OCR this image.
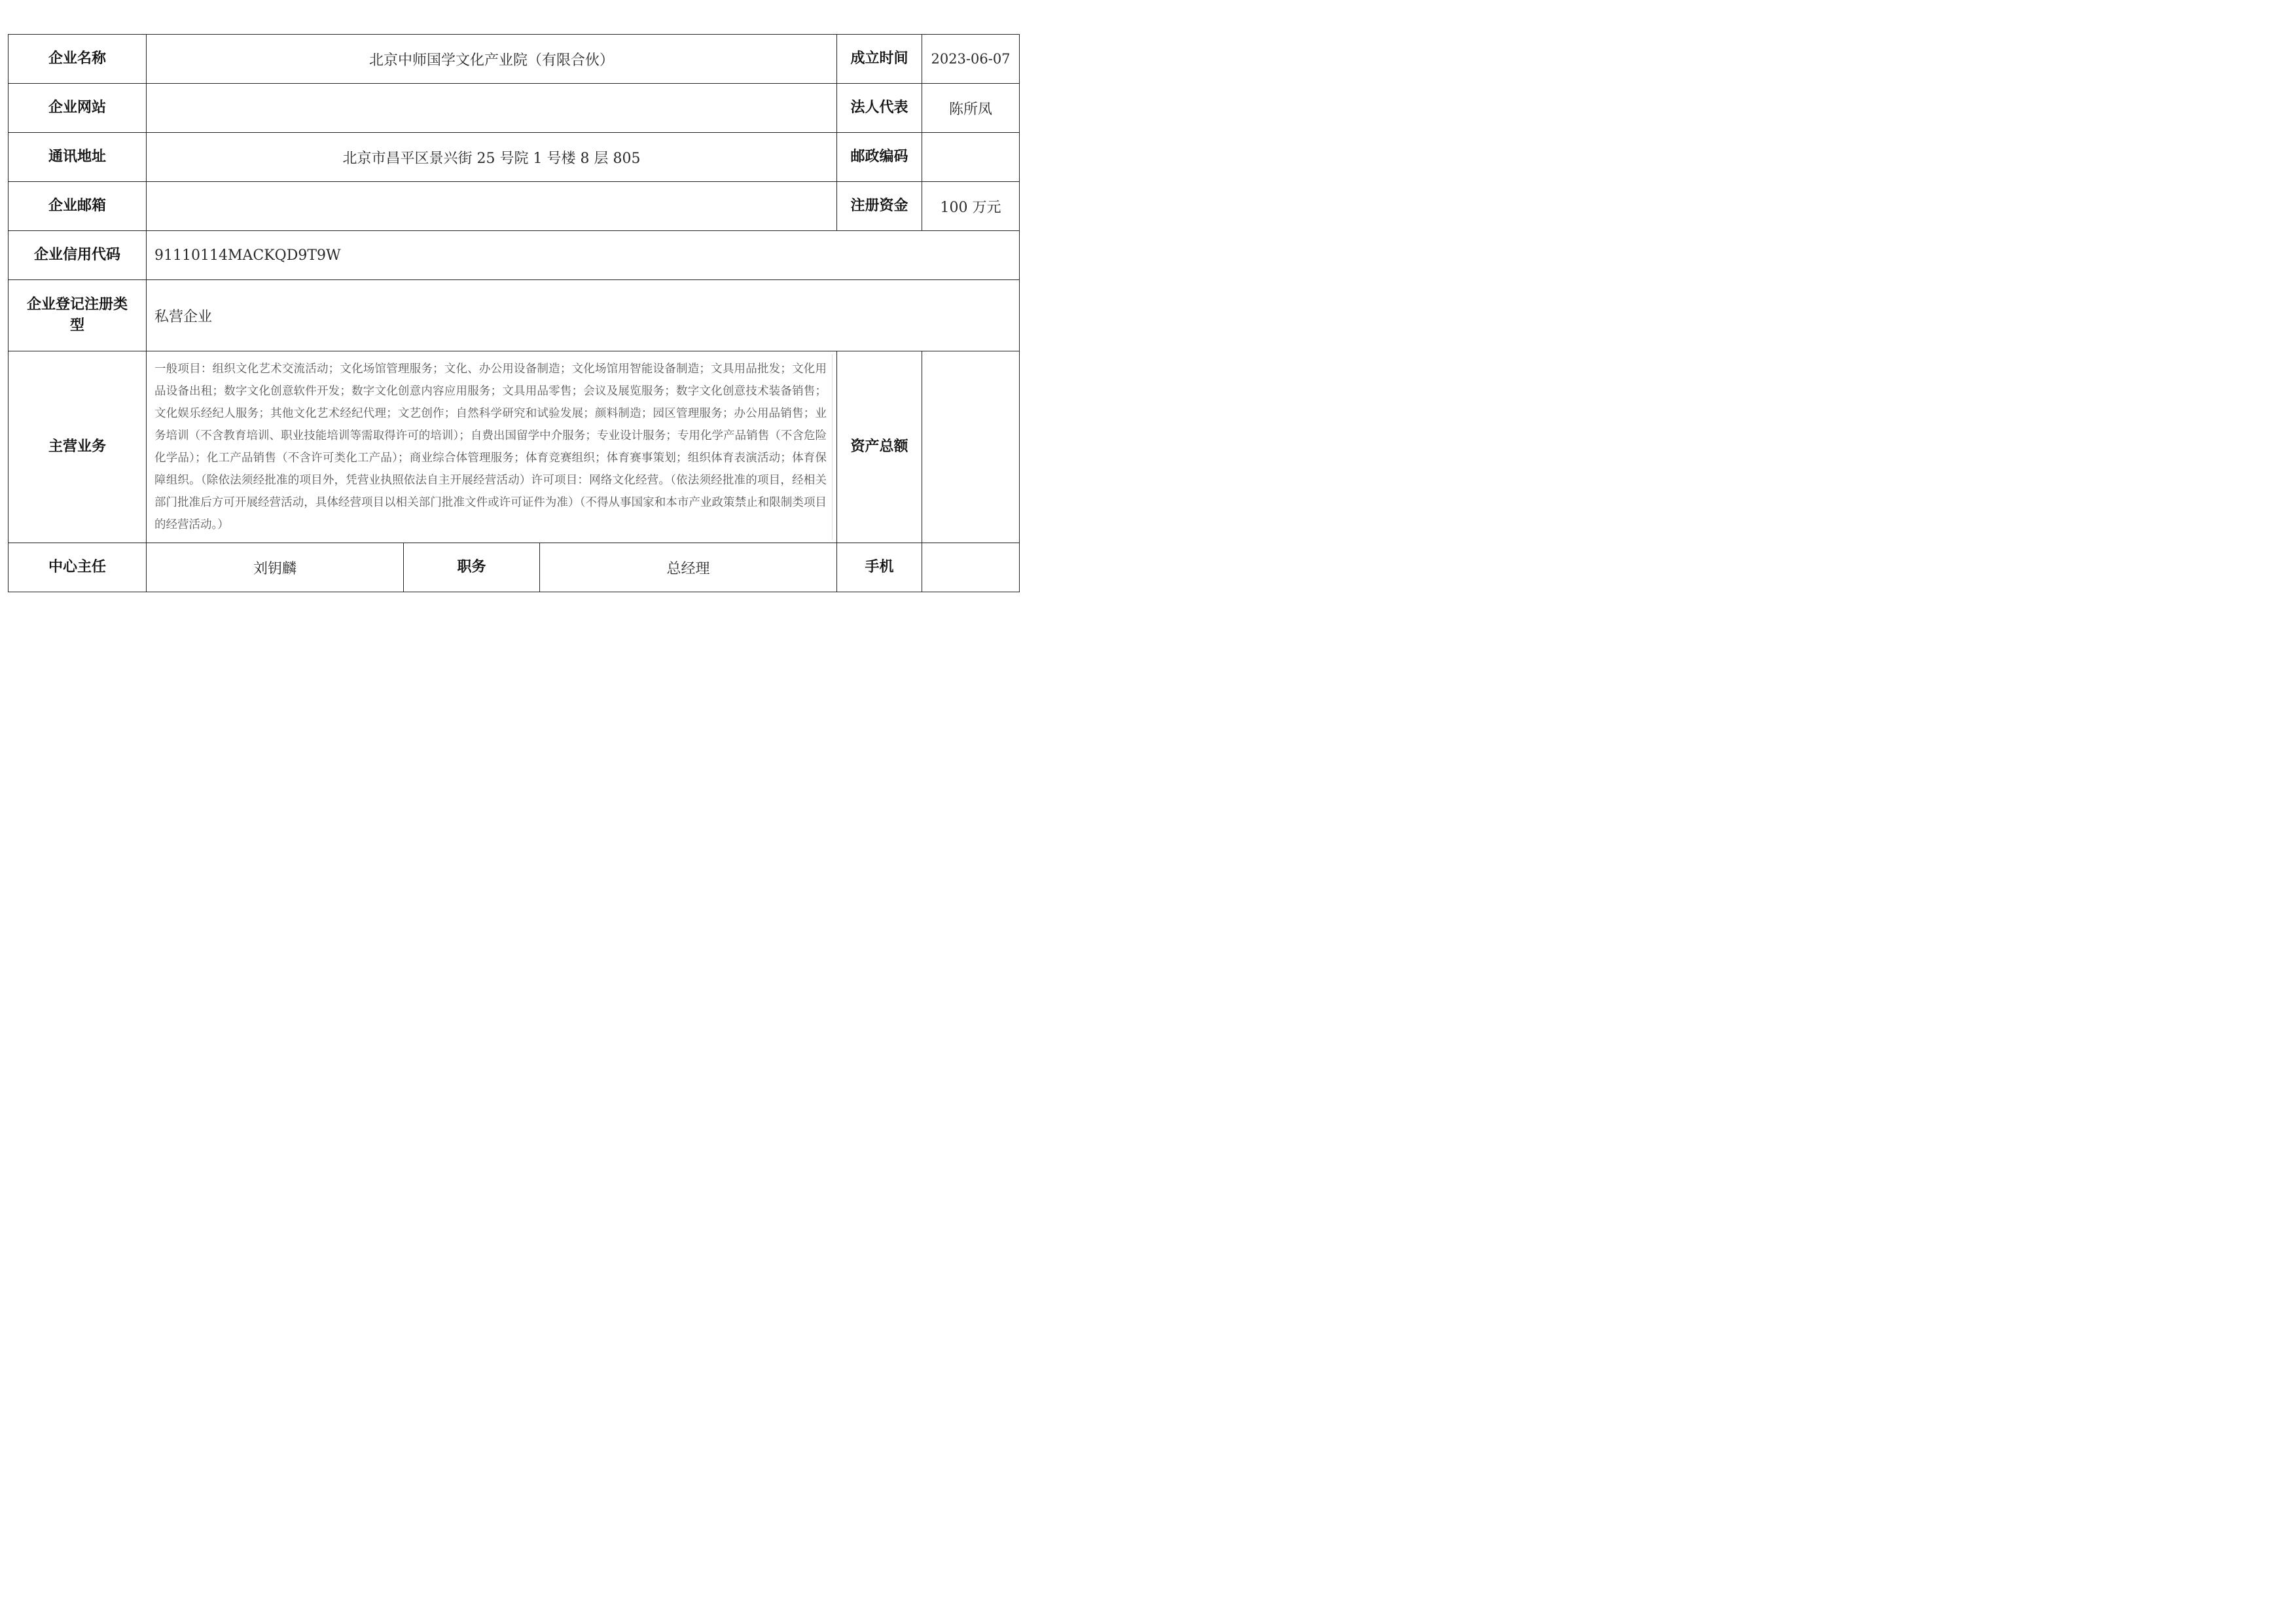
企业名称	北京中师国学文化产业院（有限合伙）			成立时间	2023-06-07
企业网站				法人代表	陈所凤
通讯地址	北京市昌平区景兴街 25 号院 1 号楼 8 层 805			邮政编码	
企业邮箱				注册资金	100 万元
企业信用代码	91110114MACKQD9T9W				
企业登记注册类型	私营企业				
主营业务	一般项目：组织文化艺术交流活动；文化场馆管理服务；文化、办公用设备制造；文化场馆用智能设备制造；文具用品批发；文化用品设备出租；数字文化创意软件开发；数字文化创意内容应用服务；文具用品零售；会议及展览服务；数字文化创意技术装备销售；文化娱乐经纪人服务；其他文化艺术经纪代理；文艺创作；自然科学研究和试验发展；颜料制造；园区管理服务；办公用品销售；业务培训（不含教育培训、职业技能培训等需取得许可的培训）；自费出国留学中介服务；专业设计服务；专用化学产品销售（不含危险化学品）；化工产品销售（不含许可类化工产品）；商业综合体管理服务；体育竞赛组织；体育赛事策划；组织体育表演活动；体育保障组织。（除依法须经批准的项目外，凭营业执照依法自主开展经营活动）许可项目：网络文化经营。（依法须经批准的项目，经相关部门批准后方可开展经营活动，具体经营项目以相关部门批准文件或许可证件为准）（不得从事国家和本市产业政策禁止和限制类项目的经营活动。）			资产总额	
中心主任	刘钥麟	职务	总经理	手机	
